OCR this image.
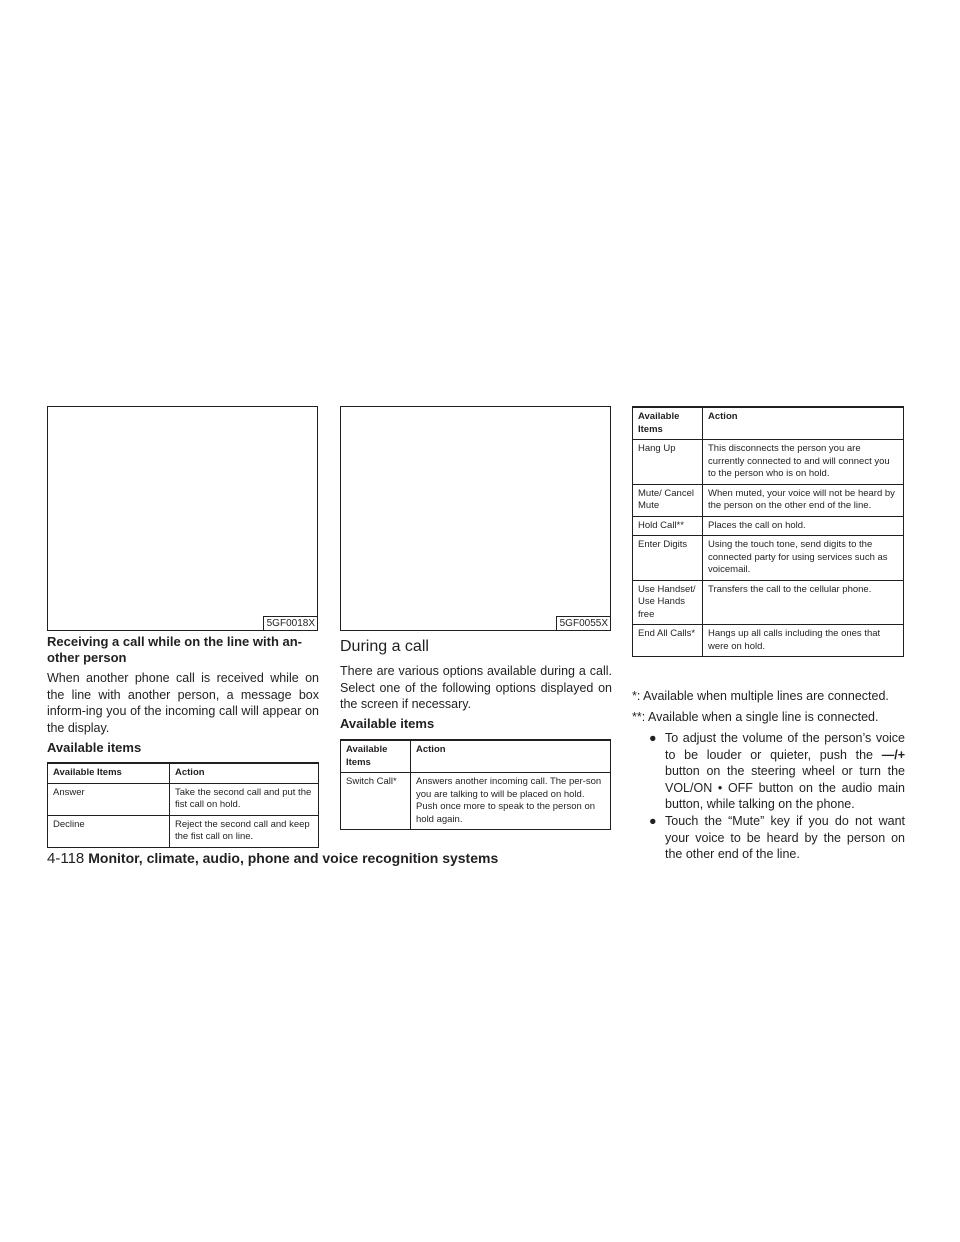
5GF0018X	5GF0055X
Receiving a call while on the line with an-
other person
When another phone call is received while on the line with another person, a message box inform-ing you of the incoming call will appear on the display.
Available items
Available Items	Action
Answer	Take the second call and put the fist call on hold.
Decline	Reject the second call and keep the fist call on line.
During a call
There are various options available during a call. Select one of the following options displayed on the screen if necessary.
Available items
Available Items	Action
Switch Call*	Answers another incoming call. The per-son you are talking to will be placed on hold. Push once more to speak to the person on hold again.
Available Items	Action
Hang Up	This disconnects the person you are currently connected to and will connect you to the person who is on hold.
Mute/ Cancel Mute	When muted, your voice will not be heard by the person on the other end of the line.
Hold Call**	Places the call on hold.
Enter Digits	Using the touch tone, send digits to the connected party for using services such as voicemail.
Use Handset/ Use Hands free	Transfers the call to the cellular phone.
End All Calls*	Hangs up all calls including the ones that were on hold.
*: Available when multiple lines are connected.
**: Available when a single line is connected.
● To adjust the volume of the person’s voice to be louder or quieter, push the —/+ button on the steering wheel or turn the VOL/ON • OFF button on the audio main button, while talking on the phone.
● Touch the “Mute” key if you do not want your voice to be heard by the person on the other end of the line.
4-118 Monitor, climate, audio, phone and voice recognition systems
